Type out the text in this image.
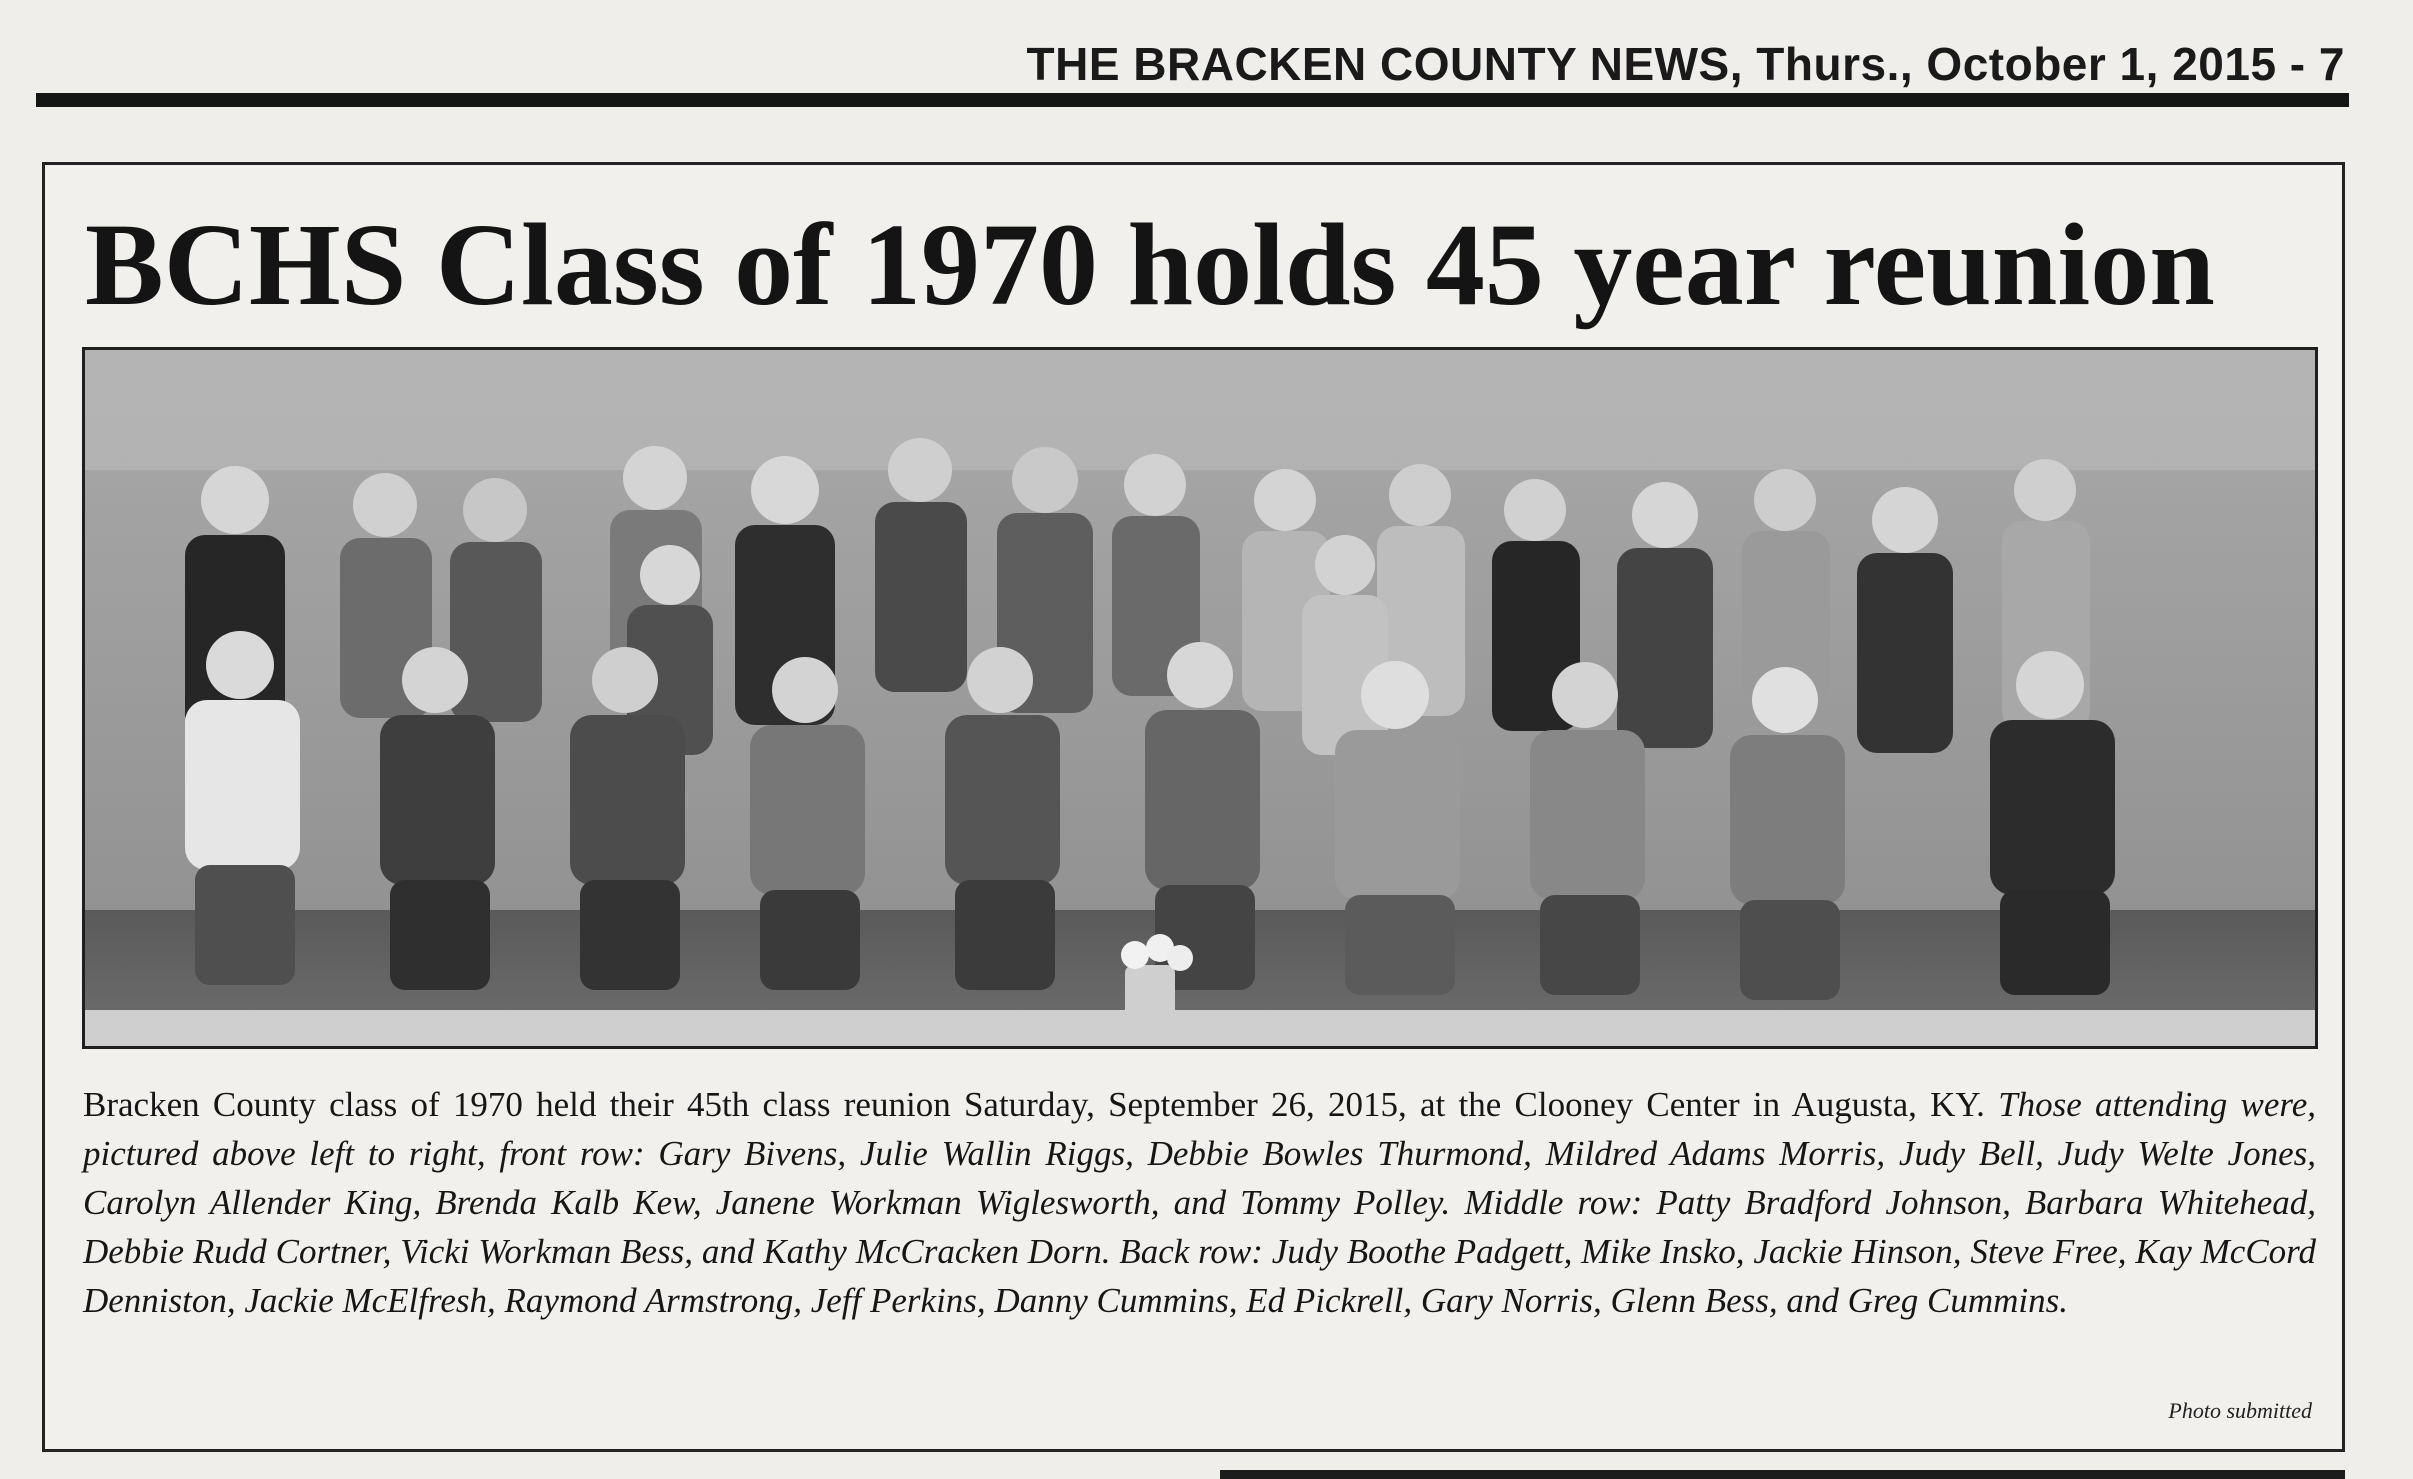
THE BRACKEN COUNTY NEWS, Thurs., October 1, 2015 - 7
BCHS Class of 1970 holds 45 year reunion
Bracken County class of 1970 held their 45th class reunion Saturday, September 26, 2015, at the Clooney Center in Augusta, KY. Those attending were, pictured above left to right, front row: Gary Bivens, Julie Wallin Riggs, Debbie Bowles Thurmond, Mildred Adams Morris, Judy Bell, Judy Welte Jones, Carolyn Allender King, Brenda Kalb Kew, Janene Workman Wiglesworth, and Tommy Polley. Middle row: Patty Bradford Johnson, Barbara Whitehead, Debbie Rudd Cortner, Vicki Workman Bess, and Kathy McCracken Dorn. Back row: Judy Boothe Padgett, Mike Insko, Jackie Hinson, Steve Free, Kay McCord Denniston, Jackie McElfresh, Raymond Armstrong, Jeff Perkins, Danny Cummins, Ed Pickrell, Gary Norris, Glenn Bess, and Greg Cummins.
Photo submitted
